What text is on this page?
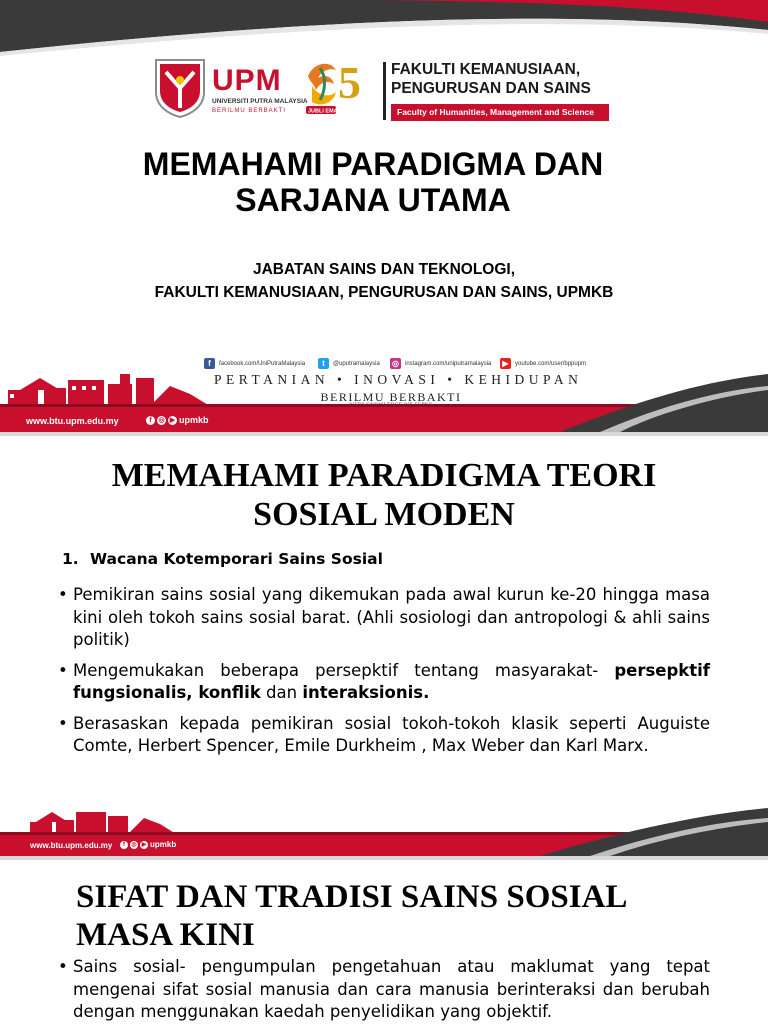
UPM
UNIVERSITI PUTRA MALAYSIA
BERILMU BERBAKTI
5
JUBLI EMAS
FAKULTI KEMANUSIAAN,
PENGURUSAN DAN SAINS
Faculty of Humanities, Management and Science
MEMAHAMI PARADIGMA DAN
SARJANA UTAMA
JABATAN SAINS DAN TEKNOLOGI,
FAKULTI KEMANUSIAAN, PENGURUSAN DAN SAINS, UPMKB
f	facebook.com/UniPutraMalaysia	t	@uputramalaysia ◎	instagram.com/uniputramalaysia	▶	youtube.com/user/bppupm
PERTANIAN • INOVASI • KEHIDUPAN
BERILMU BERBAKTI
www.btu.upm.edu.my	f ◎ ▶ upmkb
MEMAHAMI PARADIGMA TEORI
SOSIAL MODEN
1. Wacana Kotemporari Sains Sosial
• Pemikiran sains sosial yang dikemukan pada awal kurun ke-20 hingga masa kini oleh tokoh sains sosial barat. (Ahli sosiologi dan antropologi & ahli sains politik)
• Mengemukakan beberapa persepktif tentang masyarakat- persepktif fungsionalis, konflik dan interaksionis.
• Berasaskan kepada pemikiran sosial tokoh-tokoh klasik seperti Auguiste Comte, Herbert Spencer, Emile Durkheim , Max Weber dan Karl Marx.
www.btu.upm.edu.my	f	◎ ▶ upmkb
SIFAT DAN TRADISI SAINS SOSIAL
MASA KINI
• Sains sosial- pengumpulan pengetahuan atau maklumat yang tepat mengenai sifat sosial manusia dan cara manusia berinteraksi dan berubah dengan menggunakan kaedah penyelidikan yang objektif.
